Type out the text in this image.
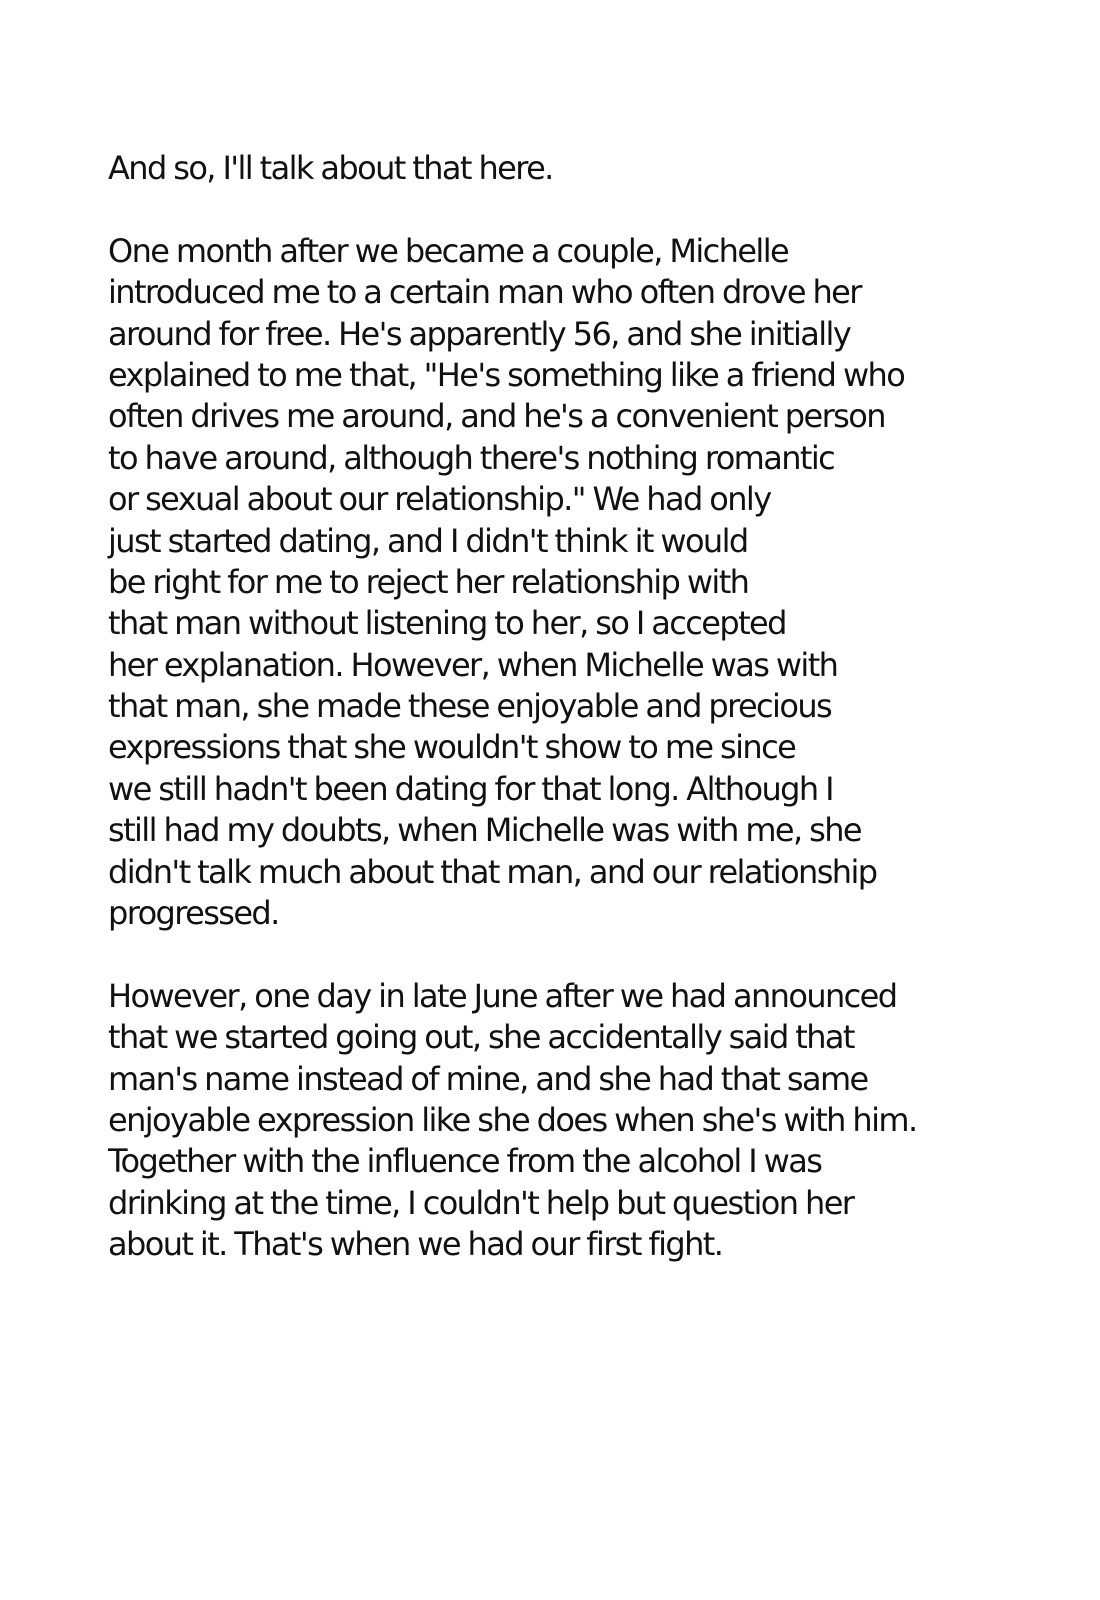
And so, I'll talk about that here.
One month after we became a couple, Michelle
introduced me to a certain man who often drove her
around for free. He's apparently 56, and she initially
explained to me that, "He's something like a friend who
often drives me around, and he's a convenient person
to have around, although there's nothing romantic
or sexual about our relationship." We had only
just started dating, and I didn't think it would
be right for me to reject her relationship with
that man without listening to her, so I accepted
her explanation. However, when Michelle was with
that man, she made these enjoyable and precious
expressions that she wouldn't show to me since
we still hadn't been dating for that long. Although I
still had my doubts, when Michelle was with me, she
didn't talk much about that man, and our relationship
progressed.
However, one day in late June after we had announced
that we started going out, she accidentally said that
man's name instead of mine, and she had that same
enjoyable expression like she does when she's with him.
Together with the influence from the alcohol I was
drinking at the time, I couldn't help but question her
about it. That's when we had our first fight.
